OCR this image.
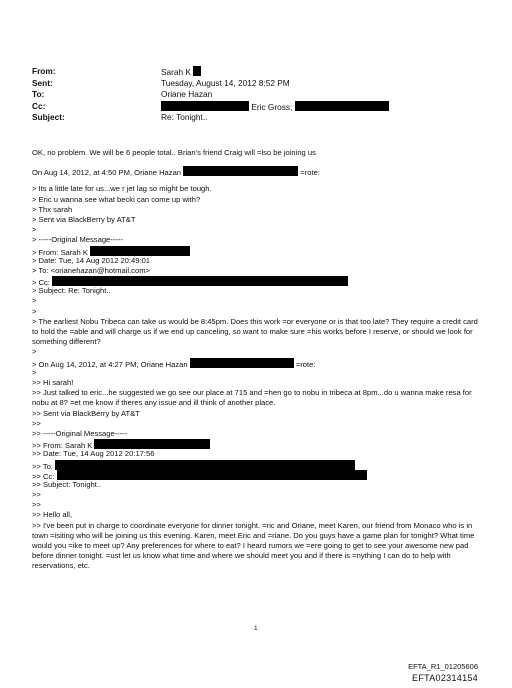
From:	Sarah K
Sent:	Tuesday, August 14, 2012 8:52 PM
To:	Oriane Hazan
Cc:	Eric Gross;
Subject:	Re: Tonight..
OK, no problem. We will be 6 people total.. Brian's friend Craig will =lso be joining us
On Aug 14, 2012, at 4:50 PM, Oriane Hazan	=rote:
> Its a little late for us...we r jet lag so might be tough.
> Eric u wanna see what becki can come up with?
> Thx sarah
> Sent via BlackBerry by AT&T
>
> -----Original Message-----
> From: Sarah K
> Date: Tue, 14 Aug 2012 20:49:01
> To: <orianehazan@hotmail.com>
> Cc:
> Subject: Re: Tonight..
>
>
> The earliest Nobu Tribeca can take us would be 8:45pm. Does this work =or everyone or is that too late? They require a credit card to hold the =able and will charge us if we end up canceling, so want to make sure =his works before I reserve, or should we look for something different?
>
> On Aug 14, 2012, at 4:27 PM, Oriane Hazan	=rote:
>
>> Hi sarah!
>> Just talked to eric...he suggested we go see our place at 715 and =hen go to nobu in tribeca at 8pm...do u wanna make resa for nobu at 8? =et me know if theres any issue and ill think of another place.
>> Sent via BlackBerry by AT&T
>>
>> -----Original Message-----
>> From: Sarah K
>> Date: Tue, 14 Aug 2012 20:17:56
>> To:
>> Cc:
>> Subject: Tonight..
>>
>>
>> Hello all,
>> I've been put in charge to coordinate everyone for dinner tonight. =ric and Oriane, meet Karen, our friend from Monaco who is in town =isiting who will be joining us this evening. Karen, meet Eric and =riane. Do you guys have a game plan for tonight? What time would you =ike to meet up? Any preferences for where to eat? I heard rumors we =ere going to get to see your awesome new pad before dinner tonight. =ust let us know what time and where we should meet you and if there is =nything I can do to help with reservations, etc.
1
EFTA_R1_01205606
EFTA02314154
